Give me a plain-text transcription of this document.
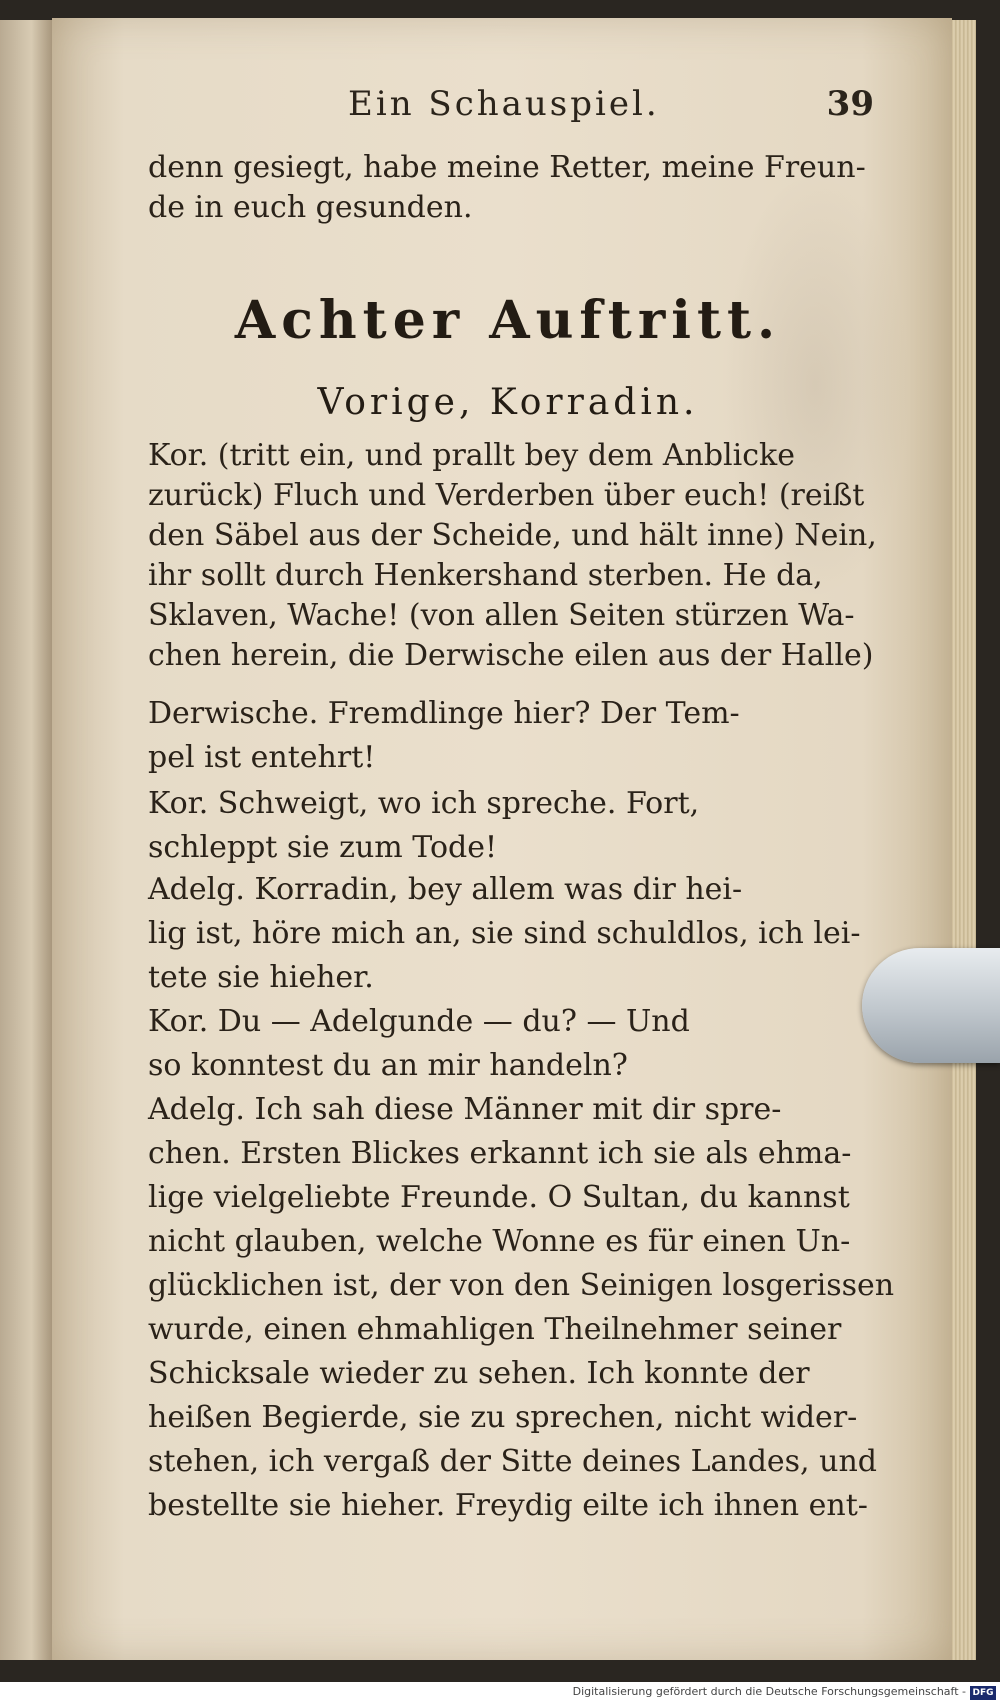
Ein Schauspiel.	39
denn gesiegt, habe meine Retter, meine Freun-
de in euch gesunden.
Achter Auftritt.
Vorige, Korradin.
Kor. (tritt ein, und prallt bey dem Anblicke
zurück) Fluch und Verderben über euch! (reißt
den Säbel aus der Scheide, und hält inne) Nein,
ihr sollt durch Henkershand sterben. He da,
Sklaven, Wache! (von allen Seiten stürzen Wa-
chen herein, die Derwische eilen aus der Halle)
Derwische. Fremdlinge hier? Der Tem-
pel ist entehrt!
Kor. Schweigt, wo ich spreche. Fort,
schleppt sie zum Tode!
Adelg. Korradin, bey allem was dir hei-
lig ist, höre mich an, sie sind schuldlos, ich lei-
tete sie hieher.
Kor. Du — Adelgunde — du? — Und
so konntest du an mir handeln?
Adelg. Ich sah diese Männer mit dir spre-
chen. Ersten Blickes erkannt ich sie als ehma-
lige vielgeliebte Freunde. O Sultan, du kannst
nicht glauben, welche Wonne es für einen Un-
glücklichen ist, der von den Seinigen losgerissen
wurde, einen ehmahligen Theilnehmer seiner
Schicksale wieder zu sehen. Ich konnte der
heißen Begierde, sie zu sprechen, nicht wider-
stehen, ich vergaß der Sitte deines Landes, und
bestellte sie hieher. Freydig eilte ich ihnen ent-
Digitalisierung gefördert durch die Deutsche Forschungsgemeinschaft - DFG
